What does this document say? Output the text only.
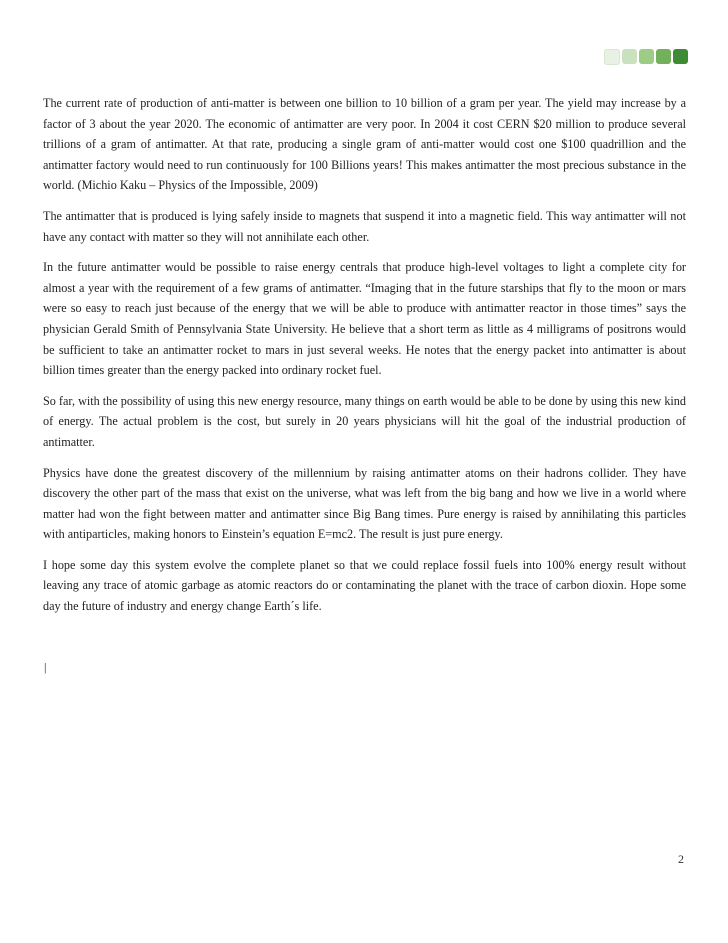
The current rate of production of anti-matter is between one billion to 10 billion of a gram per year. The yield may increase by a factor of 3 about the year 2020. The economic of antimatter are very poor. In 2004 it cost CERN $20 million to produce several trillions of a gram of antimatter. At that rate, producing a single gram of anti-matter would cost one $100 quadrillion and the antimatter factory would need to run continuously for 100 Billions years! This makes antimatter the most precious substance in the world. (Michio Kaku – Physics of the Impossible, 2009)

The antimatter that is produced is lying safely inside to magnets that suspend it into a magnetic field. This way antimatter will not have any contact with matter so they will not annihilate each other.

In the future antimatter would be possible to raise energy centrals that produce high-level voltages to light a complete city for almost a year with the requirement of a few grams of antimatter. “Imaging that in the future starships that fly to the moon or mars were so easy to reach just because of the energy that we will be able to produce with antimatter reactor in those times” says the physician Gerald Smith of Pennsylvania State University. He believe that a short term as little as 4 milligrams of positrons would be sufficient to take an antimatter rocket to mars in just several weeks. He notes that the energy packet into antimatter is about billion times greater than the energy packed into ordinary rocket fuel.

So far, with the possibility of using this new energy resource, many things on earth would be able to be done by using this new kind of energy. The actual problem is the cost, but surely in 20 years physicians will hit the goal of the industrial production of antimatter.

Physics have done the greatest discovery of the millennium by raising antimatter atoms on their hadrons collider. They have discovery the other part of the mass that exist on the universe, what was left from the big bang and how we live in a world where matter had won the fight between matter and antimatter since Big Bang times. Pure energy is raised by annihilating this particles with antiparticles, making honors to Einstein’s equation E=mc2. The result is just pure energy.

I hope some day this system evolve the complete planet so that we could replace fossil fuels into 100% energy result without leaving any trace of atomic garbage as atomic reactors do or contaminating the planet with the trace of carbon dioxin. Hope some day the future of industry and energy change Earth´s life.

|
2
